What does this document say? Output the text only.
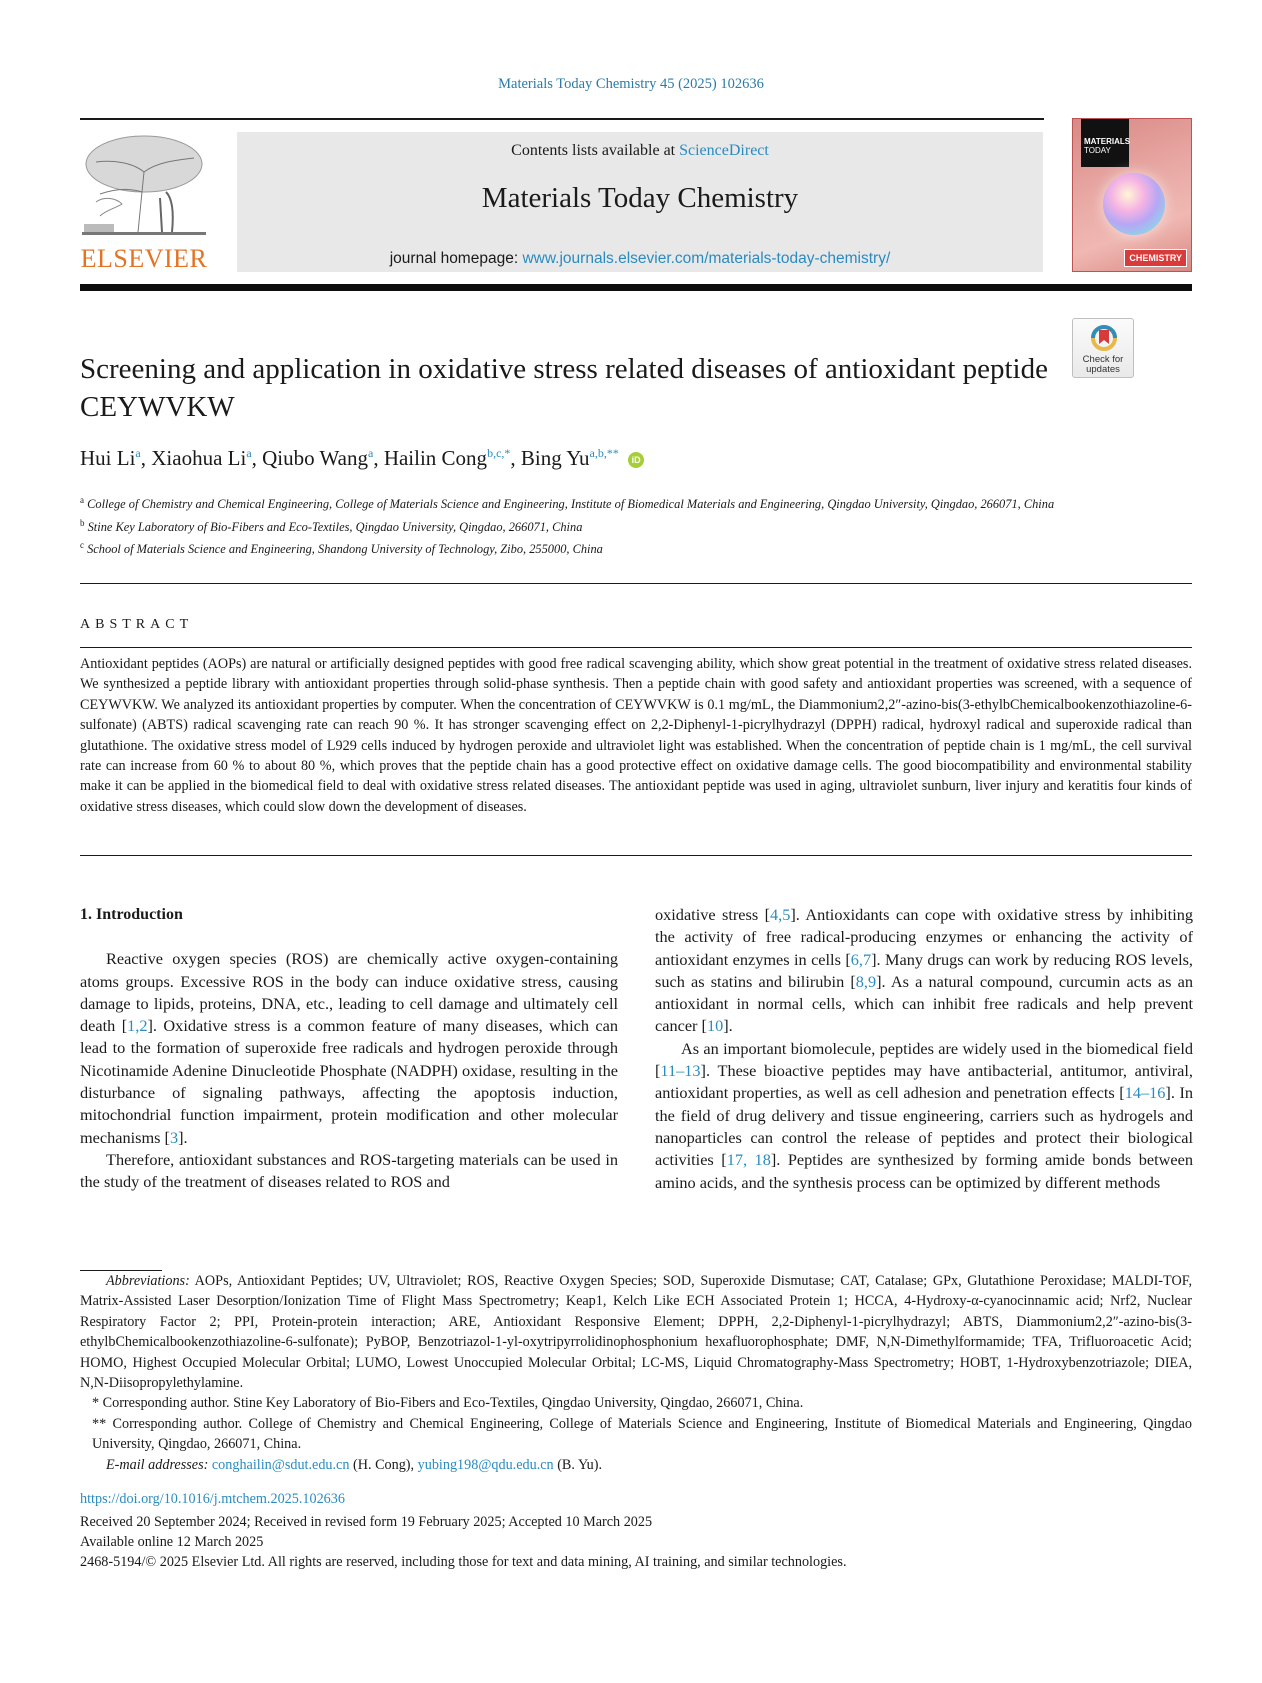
Materials Today Chemistry 45 (2025) 102636
ELSEVIER
Contents lists available at ScienceDirect
Materials Today Chemistry
journal homepage: www.journals.elsevier.com/materials-today-chemistry/
MATERIALS
TODAY
CHEMISTRY
Check for
updates
Screening and application in oxidative stress related diseases of antioxidant peptide CEYWVKW
Hui Li$^a$, Xiaohua Li$^a$, Qiubo Wang$^a$, Hailin Cong$^{b,c,*}$, Bing $Yu^{a,b,**}$ iD

$^a$ College of Chemistry and Chemical Engineering, College of Materials Science and Engineering, Institute of Biomedical Materials and Engineering, Qingdao University, Qingdao, 266071, China

$^b$ Stine Key Laboratory of Bio-Fibers and Eco-Textiles, Qingdao University, Qingdao, 266071, China

$^c$ School of Materials Science and Engineering, Shandong University of Technology, Zibo, 255000, China

ABSTRACT

Antioxidant peptides (AOPs) are natural or artificially designed peptides with good free radical scavenging ability, which show great potential in the treatment of oxidative stress related diseases. We synthesized a peptide library with antioxidant properties through solid-phase synthesis. Then a peptide chain with good safety and antioxidant properties was screened, with a sequence of CEYWVKW. We analyzed its antioxidant properties by computer. When the concentration of CEYWVKW is 0.1 mg/mL, the Diammonium2,2″-azino-bis(3-ethylbChemicalbookenzothiazoline-6-sulfonate) (ABTS) radical scavenging rate can reach 90 %. It has stronger scavenging effect on 2,2-Diphenyl-1-picrylhydrazyl (DPPH) radical, hydroxyl radical and superoxide radical than glutathione. The oxidative stress model of L929 cells induced by hydrogen peroxide and ultraviolet light was established. When the concentration of peptide chain is 1 mg/mL, the cell survival rate can increase from 60 % to about 80 %, which proves that the peptide chain has a good protective effect on oxidative damage cells. The good biocompatibility and environmental stability make it can be applied in the biomedical field to deal with oxidative stress related diseases. The antioxidant peptide was used in aging, ultraviolet sunburn, liver injury and keratitis four kinds of oxidative stress diseases, which could slow down the development of diseases.

1. Introduction

Reactive oxygen species (ROS) are chemically active oxygen-containing atoms groups. Excessive ROS in the body can induce oxidative stress, causing damage to lipids, proteins, DNA, etc., leading to cell damage and ultimately cell death [1,2]. Oxidative stress is a common feature of many diseases, which can lead to the formation of superoxide free radicals and hydrogen peroxide through Nicotinamide Adenine Dinucleotide Phosphate (NADPH) oxidase, resulting in the disturbance of signaling pathways, affecting the apoptosis induction, mitochondrial function impairment, protein modification and other molecular mechanisms [3].

Therefore, antioxidant substances and ROS-targeting materials can be used in the study of the treatment of diseases related to ROS and

oxidative stress [4,5]. Antioxidants can cope with oxidative stress by inhibiting the activity of free radical-producing enzymes or enhancing the activity of antioxidant enzymes in cells [6,7]. Many drugs can work by reducing ROS levels, such as statins and bilirubin [8,9]. As a natural compound, curcumin acts as an antioxidant in normal cells, which can inhibit free radicals and help prevent cancer [10].

As an important biomolecule, peptides are widely used in the biomedical field [11–13]. These bioactive peptides may have antibacterial, antitumor, antiviral, antioxidant properties, as well as cell adhesion and penetration effects [14–16]. In the field of drug delivery and tissue engineering, carriers such as hydrogels and nanoparticles can control the release of peptides and protect their biological activities [17, 18]. Peptides are synthesized by forming amide bonds between amino acids, and the synthesis process can be optimized by different methods

Abbreviations: AOPs, Antioxidant Peptides; UV, Ultraviolet; ROS, Reactive Oxygen Species; SOD, Superoxide Dismutase; CAT, Catalase; GPx, Glutathione Peroxidase; MALDI-TOF, Matrix-Assisted Laser Desorption/Ionization Time of Flight Mass Spectrometry; Keap1, Kelch Like ECH Associated Protein 1; HCCA, 4-Hydroxy-α-cyanocinnamic acid; Nrf2, Nuclear Respiratory Factor 2; PPI, Protein-protein interaction; ARE, Antioxidant Responsive Element; DPPH, 2,2-Diphenyl-1-picrylhydrazyl; ABTS, Diammonium2,2″-azino-bis(3-ethylbChemicalbookenzothiazoline-6-sulfonate); PyBOP, Benzotriazol-1-yl-oxytripyrrolidinophosphonium hexafluorophosphate; DMF, N,N-Dimethylformamide; TFA, Trifluoroacetic Acid; HOMO, Highest Occupied Molecular Orbital; LUMO, Lowest Unoccupied Molecular Orbital; LC-MS, Liquid Chromatography-Mass Spectrometry; HOBT, 1-Hydroxybenzotriazole; DIEA, N,N-Diisopropylethylamine.

* Corresponding author. Stine Key Laboratory of Bio-Fibers and Eco-Textiles, Qingdao University, Qingdao, 266071, China.

** Corresponding author. College of Chemistry and Chemical Engineering, College of Materials Science and Engineering, Institute of Biomedical Materials and Engineering, Qingdao University, Qingdao, 266071, China.

E-mail addresses: conghailin@sdut.edu.cn (H. Cong), yubing198@qdu.edu.cn (B. Yu).

https://doi.org/10.1016/j.mtchem.2025.102636

Received 20 September 2024; Received in revised form 19 February 2025; Accepted 10 March 2025

Available online 12 March 2025

2468-5194/© 2025 Elsevier Ltd. All rights are reserved, including those for text and data mining, AI training, and similar technologies.
